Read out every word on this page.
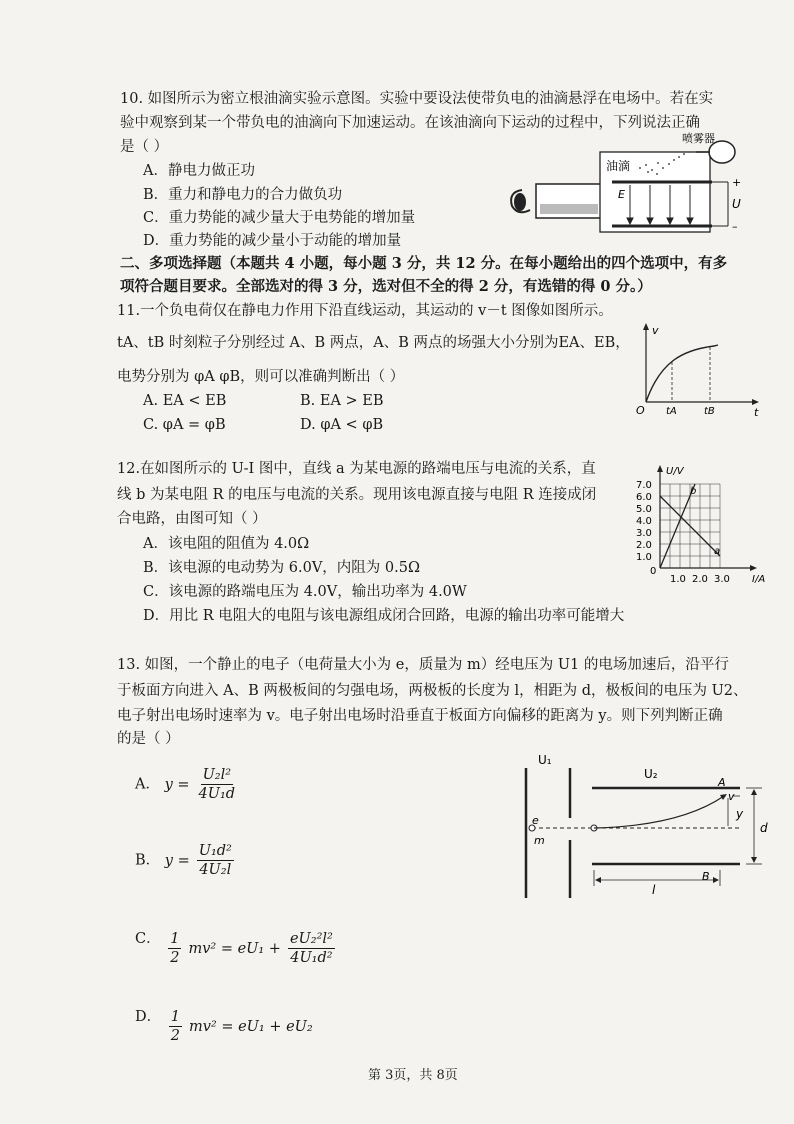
10. 如图所示为密立根油滴实验示意图。实验中要设法使带负电的油滴悬浮在电场中。若在实
验中观察到某一个带负电的油滴向下加速运动。在该油滴向下运动的过程中，下列说法正确
是（ ）
A．静电力做正功
B．重力和静电力的合力做负功
C．重力势能的减少量大于电势能的增加量
D．重力势能的减少量小于动能的增加量
油滴
E
喷雾器
+
U
–
二、多项选择题（本题共 4 小题，每小题 3 分，共 12 分。在每小题给出的四个选项中，有多
项符合题目要求。全部选对的得 3 分，选对但不全的得 2 分，有选错的得 0 分。）
11.一个负电荷仅在静电力作用下沿直线运动，其运动的 v－t 图像如图所示。
tA、tB 时刻粒子分别经过 A、B 两点，A、B 两点的场强大小分别为EA、EB，
电势分别为 φA φB，则可以准确判断出（ ）
A. EA < EB	B. EA > EB
C. φA = φB	D. φA < φB
v
t
O tA	tB
12.在如图所示的 U-I 图中，直线 a 为某电源的路端电压与电流的关系，直
线 b 为某电阻 R 的电压与电流的关系。现用该电源直接与电阻 R 连接成闭
合电路，由图可知（ ）
A．该电阻的阻值为 4.0Ω
B．该电源的电动势为 6.0V，内阻为 0.5Ω
C．该电源的路端电压为 4.0V，输出功率为 4.0W
D．用比 R 电阻大的电阻与该电源组成闭合回路，电源的输出功率可能增大
U/V
I/A
7.0
6.0
5.0
4.0
3.0
2.0
1.0
0
1.0 2.0 3.0
a
b
13. 如图，一个静止的电子（电荷量大小为 e，质量为 m）经电压为 U1 的电场加速后，沿平行
于板面方向进入 A、B 两极板间的匀强电场，两极板的长度为 l，相距为 d，极板间的电压为 U2、
电子射出电场时速率为 v。电子射出电场时沿垂直于板面方向偏移的距离为 y。则下列判断正确
的是（ ）
A． $y = \frac{\text{U₂l²}}{\text{4U₁d}}$
B． $y = \frac{\text{U₁d²}}{\text{4U₂l}}$
C． $\frac{1}{2} mv^2 = eU_1 + \frac{\text{eU₂²l²}}{\text{4U₁d²}}$
D． $\frac{1}{2} mv^2 = eU_1 + eU_2$
U₁
U₂
A
B
e
m
v
y
d
l
第 3页，共 8页
